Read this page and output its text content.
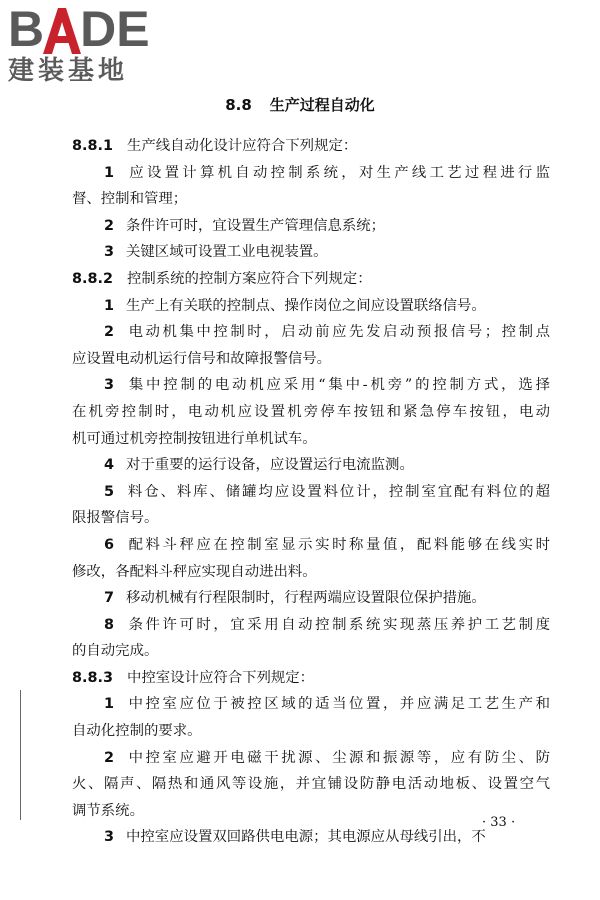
B D E
建装基地
8.8 生产过程自动化
8.8.1 生产线自动化设计应符合下列规定：
1 应设置计算机自动控制系统，对生产线工艺过程进行监
督、控制和管理；
2 条件许可时，宜设置生产管理信息系统；
3 关键区域可设置工业电视装置。
8.8.2 控制系统的控制方案应符合下列规定：
1 生产上有关联的控制点、操作岗位之间应设置联络信号。
2 电动机集中控制时，启动前应先发启动预报信号；控制点
应设置电动机运行信号和故障报警信号。
3 集中控制的电动机应采用“集中-机旁”的控制方式，选择
在机旁控制时，电动机应设置机旁停车按钮和紧急停车按钮，电动
机可通过机旁控制按钮进行单机试车。
4 对于重要的运行设备，应设置运行电流监测。
5 料仓、料库、储罐均应设置料位计，控制室宜配有料位的超
限报警信号。
6 配料斗秤应在控制室显示实时称量值，配料能够在线实时
修改，各配料斗秤应实现自动进出料。
7 移动机械有行程限制时，行程两端应设置限位保护措施。
8 条件许可时，宜采用自动控制系统实现蒸压养护工艺制度
的自动完成。
8.8.3 中控室设计应符合下列规定：
1 中控室应位于被控区域的适当位置，并应满足工艺生产和
自动化控制的要求。
2 中控室应避开电磁干扰源、尘源和振源等，应有防尘、防
火、隔声、隔热和通风等设施，并宜铺设防静电活动地板、设置空气
调节系统。
3 中控室应设置双回路供电电源；其电源应从母线引出，不
· 33 ·
